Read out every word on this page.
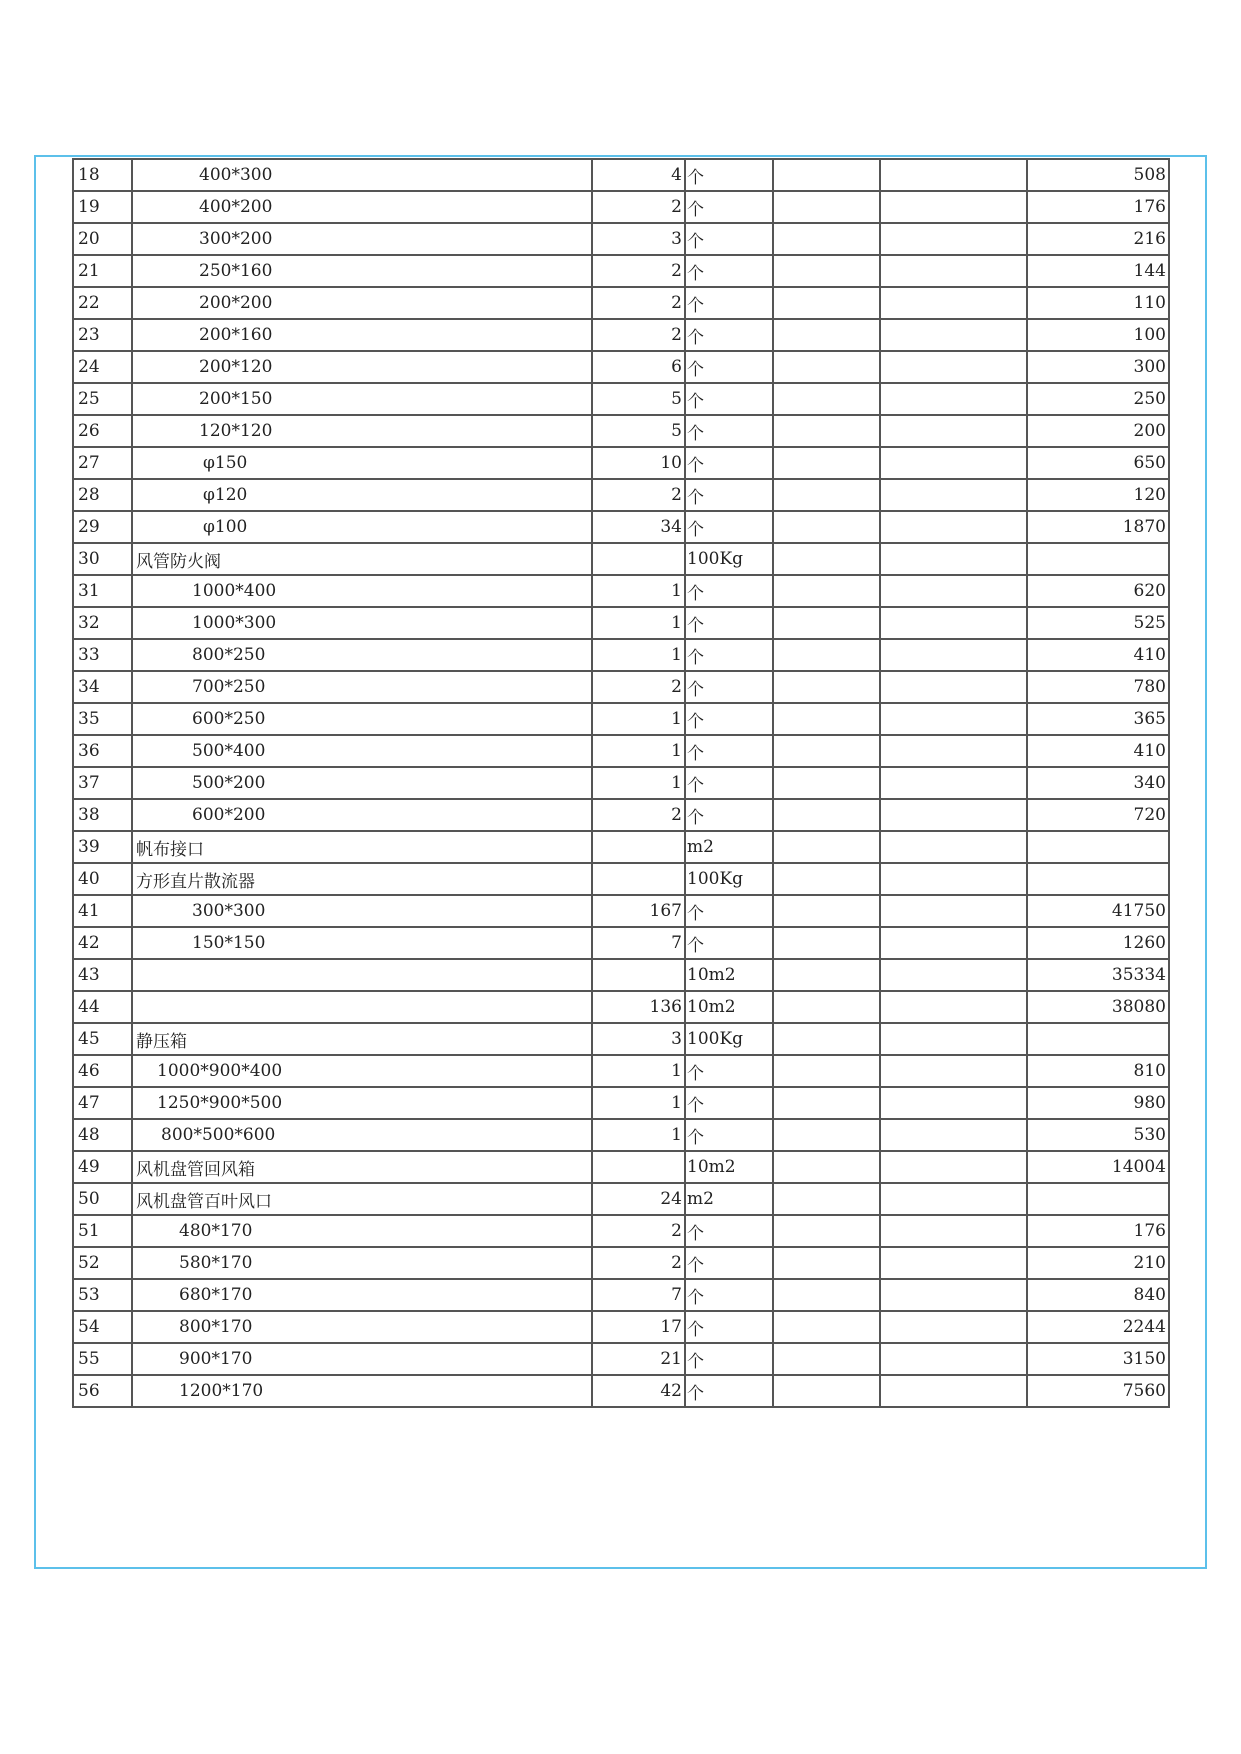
18	400*300	4	个			508
19	400*200	2	个			176
20	300*200	3	个			216
21	250*160	2	个			144
22	200*200	2	个			110
23	200*160	2	个			100
24	200*120	6	个			300
25	200*150	5	个			250
26	120*120	5	个			200
27	φ150	10	个			650
28	φ120	2	个			120
29	φ100	34	个			1870
30	风管防火阀		100Kg			
31	1000*400	1	个			620
32	1000*300	1	个			525
33	800*250	1	个			410
34	700*250	2	个			780
35	600*250	1	个			365
36	500*400	1	个			410
37	500*200	1	个			340
38	600*200	2	个			720
39	帆布接口		m2			
40	方形直片散流器		100Kg			
41	300*300	167	个			41750
42	150*150	7	个			1260
43			10m2			35334
44		136	10m2			38080
45	静压箱	3	100Kg			
46	1000*900*400	1	个			810
47	1250*900*500	1	个			980
48	800*500*600	1	个			530
49	风机盘管回风箱		10m2			14004
50	风机盘管百叶风口	24	m2			
51	480*170	2	个			176
52	580*170	2	个			210
53	680*170	7	个			840
54	800*170	17	个			2244
55	900*170	21	个			3150
56	1200*170	42	个			7560
